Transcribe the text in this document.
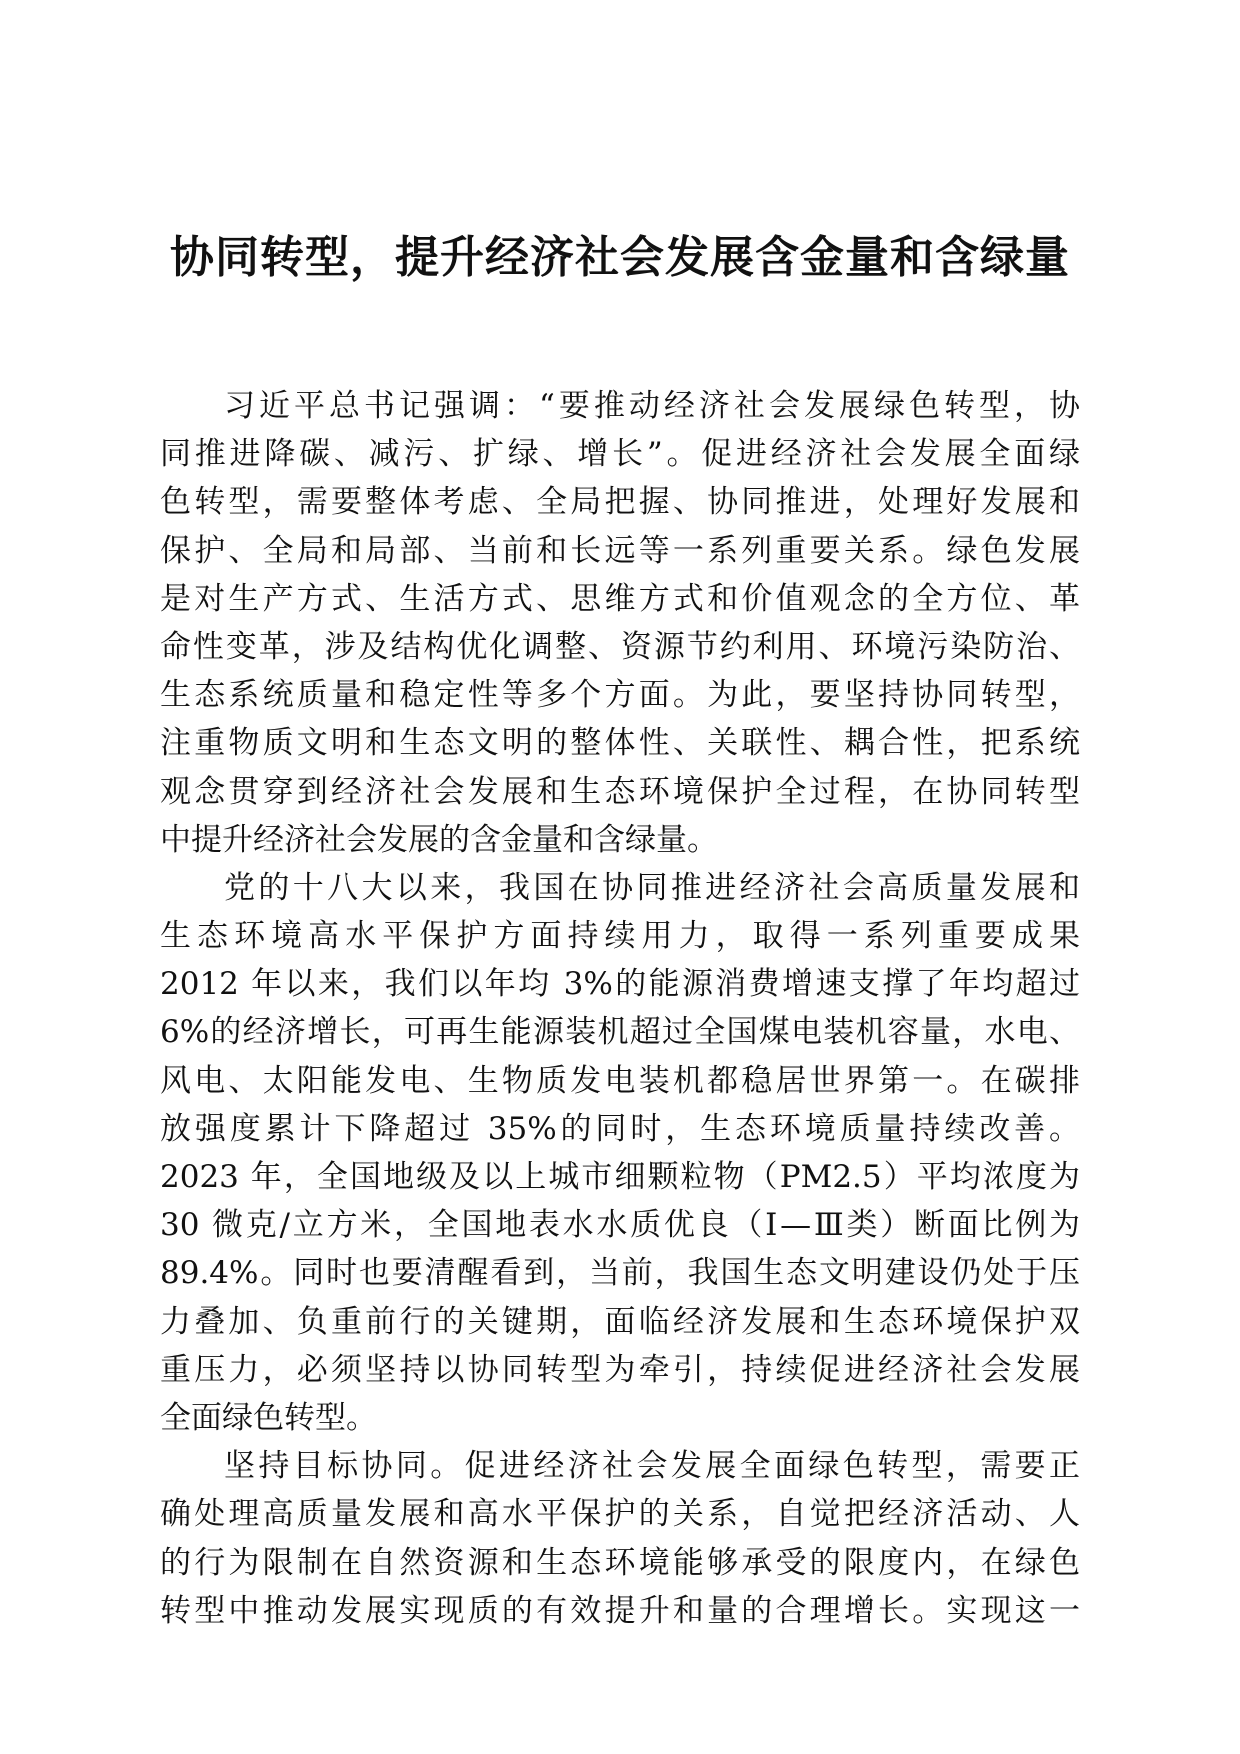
协同转型，提升经济社会发展含金量和含绿量
习近平总书记强调：“要推动经济社会发展绿色转型，协
同推进降碳、减污、扩绿、增长”。促进经济社会发展全面绿
色转型，需要整体考虑、全局把握、协同推进，处理好发展和
保护、全局和局部、当前和长远等一系列重要关系。绿色发展
是对生产方式、生活方式、思维方式和价值观念的全方位、革
命性变革，涉及结构优化调整、资源节约利用、环境污染防治、
生态系统质量和稳定性等多个方面。为此，要坚持协同转型，
注重物质文明和生态文明的整体性、关联性、耦合性，把系统
观念贯穿到经济社会发展和生态环境保护全过程，在协同转型
中提升经济社会发展的含金量和含绿量。
党的十八大以来，我国在协同推进经济社会高质量发展和
生态环境高水平保护方面持续用力，取得一系列重要成果
2012 年以来，我们以年均 3%的能源消费增速支撑了年均超过
6%的经济增长，可再生能源装机超过全国煤电装机容量，水电、
风电、太阳能发电、生物质发电装机都稳居世界第一。在碳排
放强度累计下降超过 35%的同时，生态环境质量持续改善。
2023 年，全国地级及以上城市细颗粒物（PM2.5）平均浓度为
30 微克/立方米，全国地表水水质优良（Ⅰ—Ⅲ类）断面比例为
89.4%。同时也要清醒看到，当前，我国生态文明建设仍处于压
力叠加、负重前行的关键期，面临经济发展和生态环境保护双
重压力，必须坚持以协同转型为牵引，持续促进经济社会发展
全面绿色转型。
坚持目标协同。促进经济社会发展全面绿色转型，需要正
确处理高质量发展和高水平保护的关系，自觉把经济活动、人
的行为限制在自然资源和生态环境能够承受的限度内，在绿色
转型中推动发展实现质的有效提升和量的合理增长。实现这一
